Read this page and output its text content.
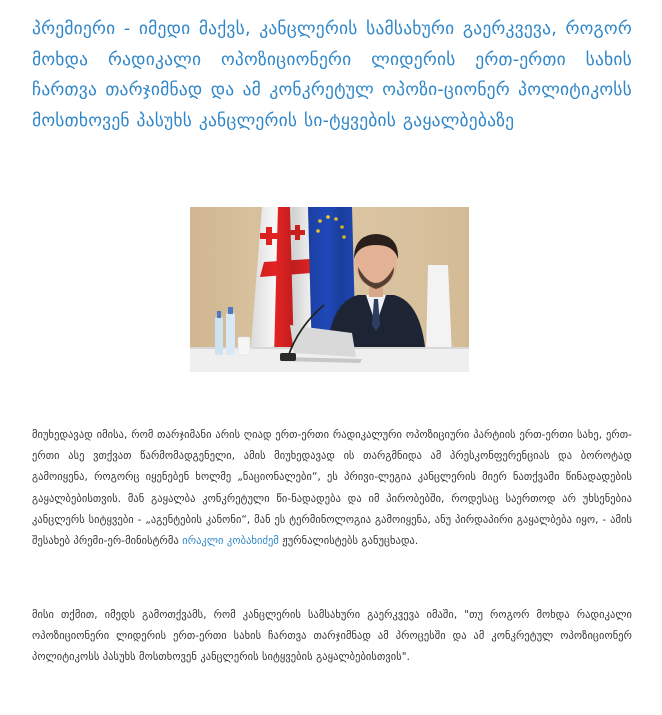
პრემიერი - იმედი მაქვს, კანცლერის სამსახური გაერკვევა, როგორ მოხდა რადიკალი ოპოზიციონერი ლიდერის ერთ-ერთი სახის ჩართვა თარჯიმნად და ამ კონკრეტულ ოპოზი-ციონერ პოლიტიკოსს მოსთხოვენ პასუხს კანცლერის სი-ტყვების გაყალბებაზე

მიუხედავად იმისა, რომ თარჯიმანი არის ღიად ერთ-ერთი რადიკალური ოპოზიციური პარტიის ერთ-ერთი სახე, ერთ-ერთი ასე ვთქვათ წარმომადგენელი, ამის მიუხედავად ის თარგმნიდა ამ პრესკონფერენციას და ბოროტად გამოიყენა, როგორც იყენებენ ხოლმე „ნაციონალები“, ეს პრივი-ლეგია კანცლერის მიერ ნათქვამი წინადადების გაყალბებისთვის. მან გაყალბა კონკრეტული წი-ნადადება და იმ პირობებში, როდესაც საერთოდ არ უხსენებია კანცლერს სიტყვები - „აგენტების კანონი“, მან ეს ტერმინოლოგია გამოიყენა, ანუ პირდაპირი გაყალბება იყო, - ამის შესახებ პრემი-ერ-მინისტრმა ირაკლი კობახიძემ ჟურნალისტებს განუცხადა.

მისი თქმით, იმედს გამოთქვამს, რომ კანცლერის სამსახური გაერკვევა იმაში, "თუ როგორ მოხდა რადიკალი ოპოზიციონერი ლიდერის ერთ-ერთი სახის ჩართვა თარჯიმნად ამ პროცესში და ამ კონკრეტულ ოპოზიციონერ პოლიტიკოსს პასუხს მოსთხოვენ კანცლერის სიტყვების გაყალბებისთვის".
